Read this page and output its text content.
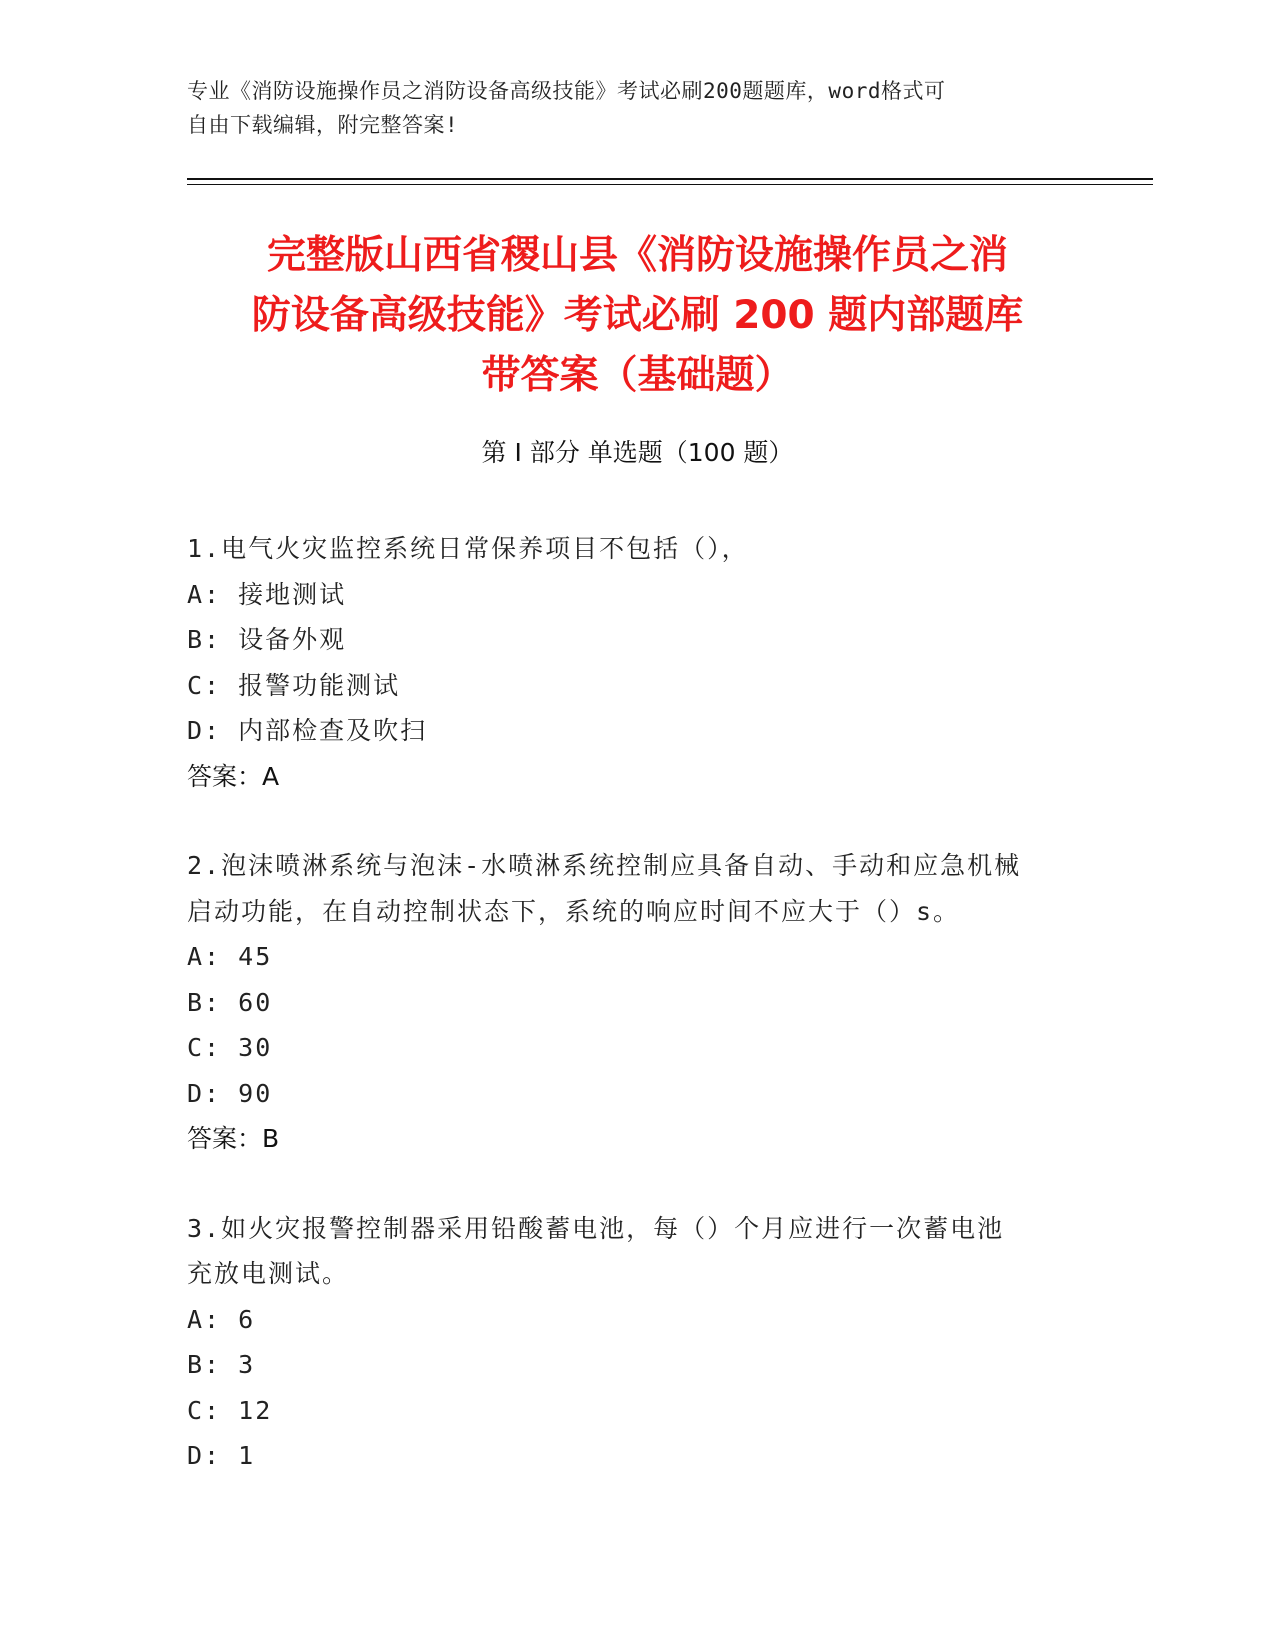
专业《消防设施操作员之消防设备高级技能》考试必刷200题题库，word格式可
自由下载编辑，附完整答案!
完整版山西省稷山县《消防设施操作员之消
防设备高级技能》考试必刷 200 题内部题库
带答案（基础题）
第 I 部分 单选题（100 题）
1.电气火灾监控系统日常保养项目不包括（），
A: 接地测试
B: 设备外观
C: 报警功能测试
D: 内部检查及吹扫
答案：A
2.泡沫喷淋系统与泡沫-水喷淋系统控制应具备自动、手动和应急机械
启动功能，在自动控制状态下，系统的响应时间不应大于（）s。
A: 45
B: 60
C: 30
D: 90
答案：B
3.如火灾报警控制器采用铅酸蓄电池，每（）个月应进行一次蓄电池
充放电测试。
A: 6
B: 3
C: 12
D: 1
